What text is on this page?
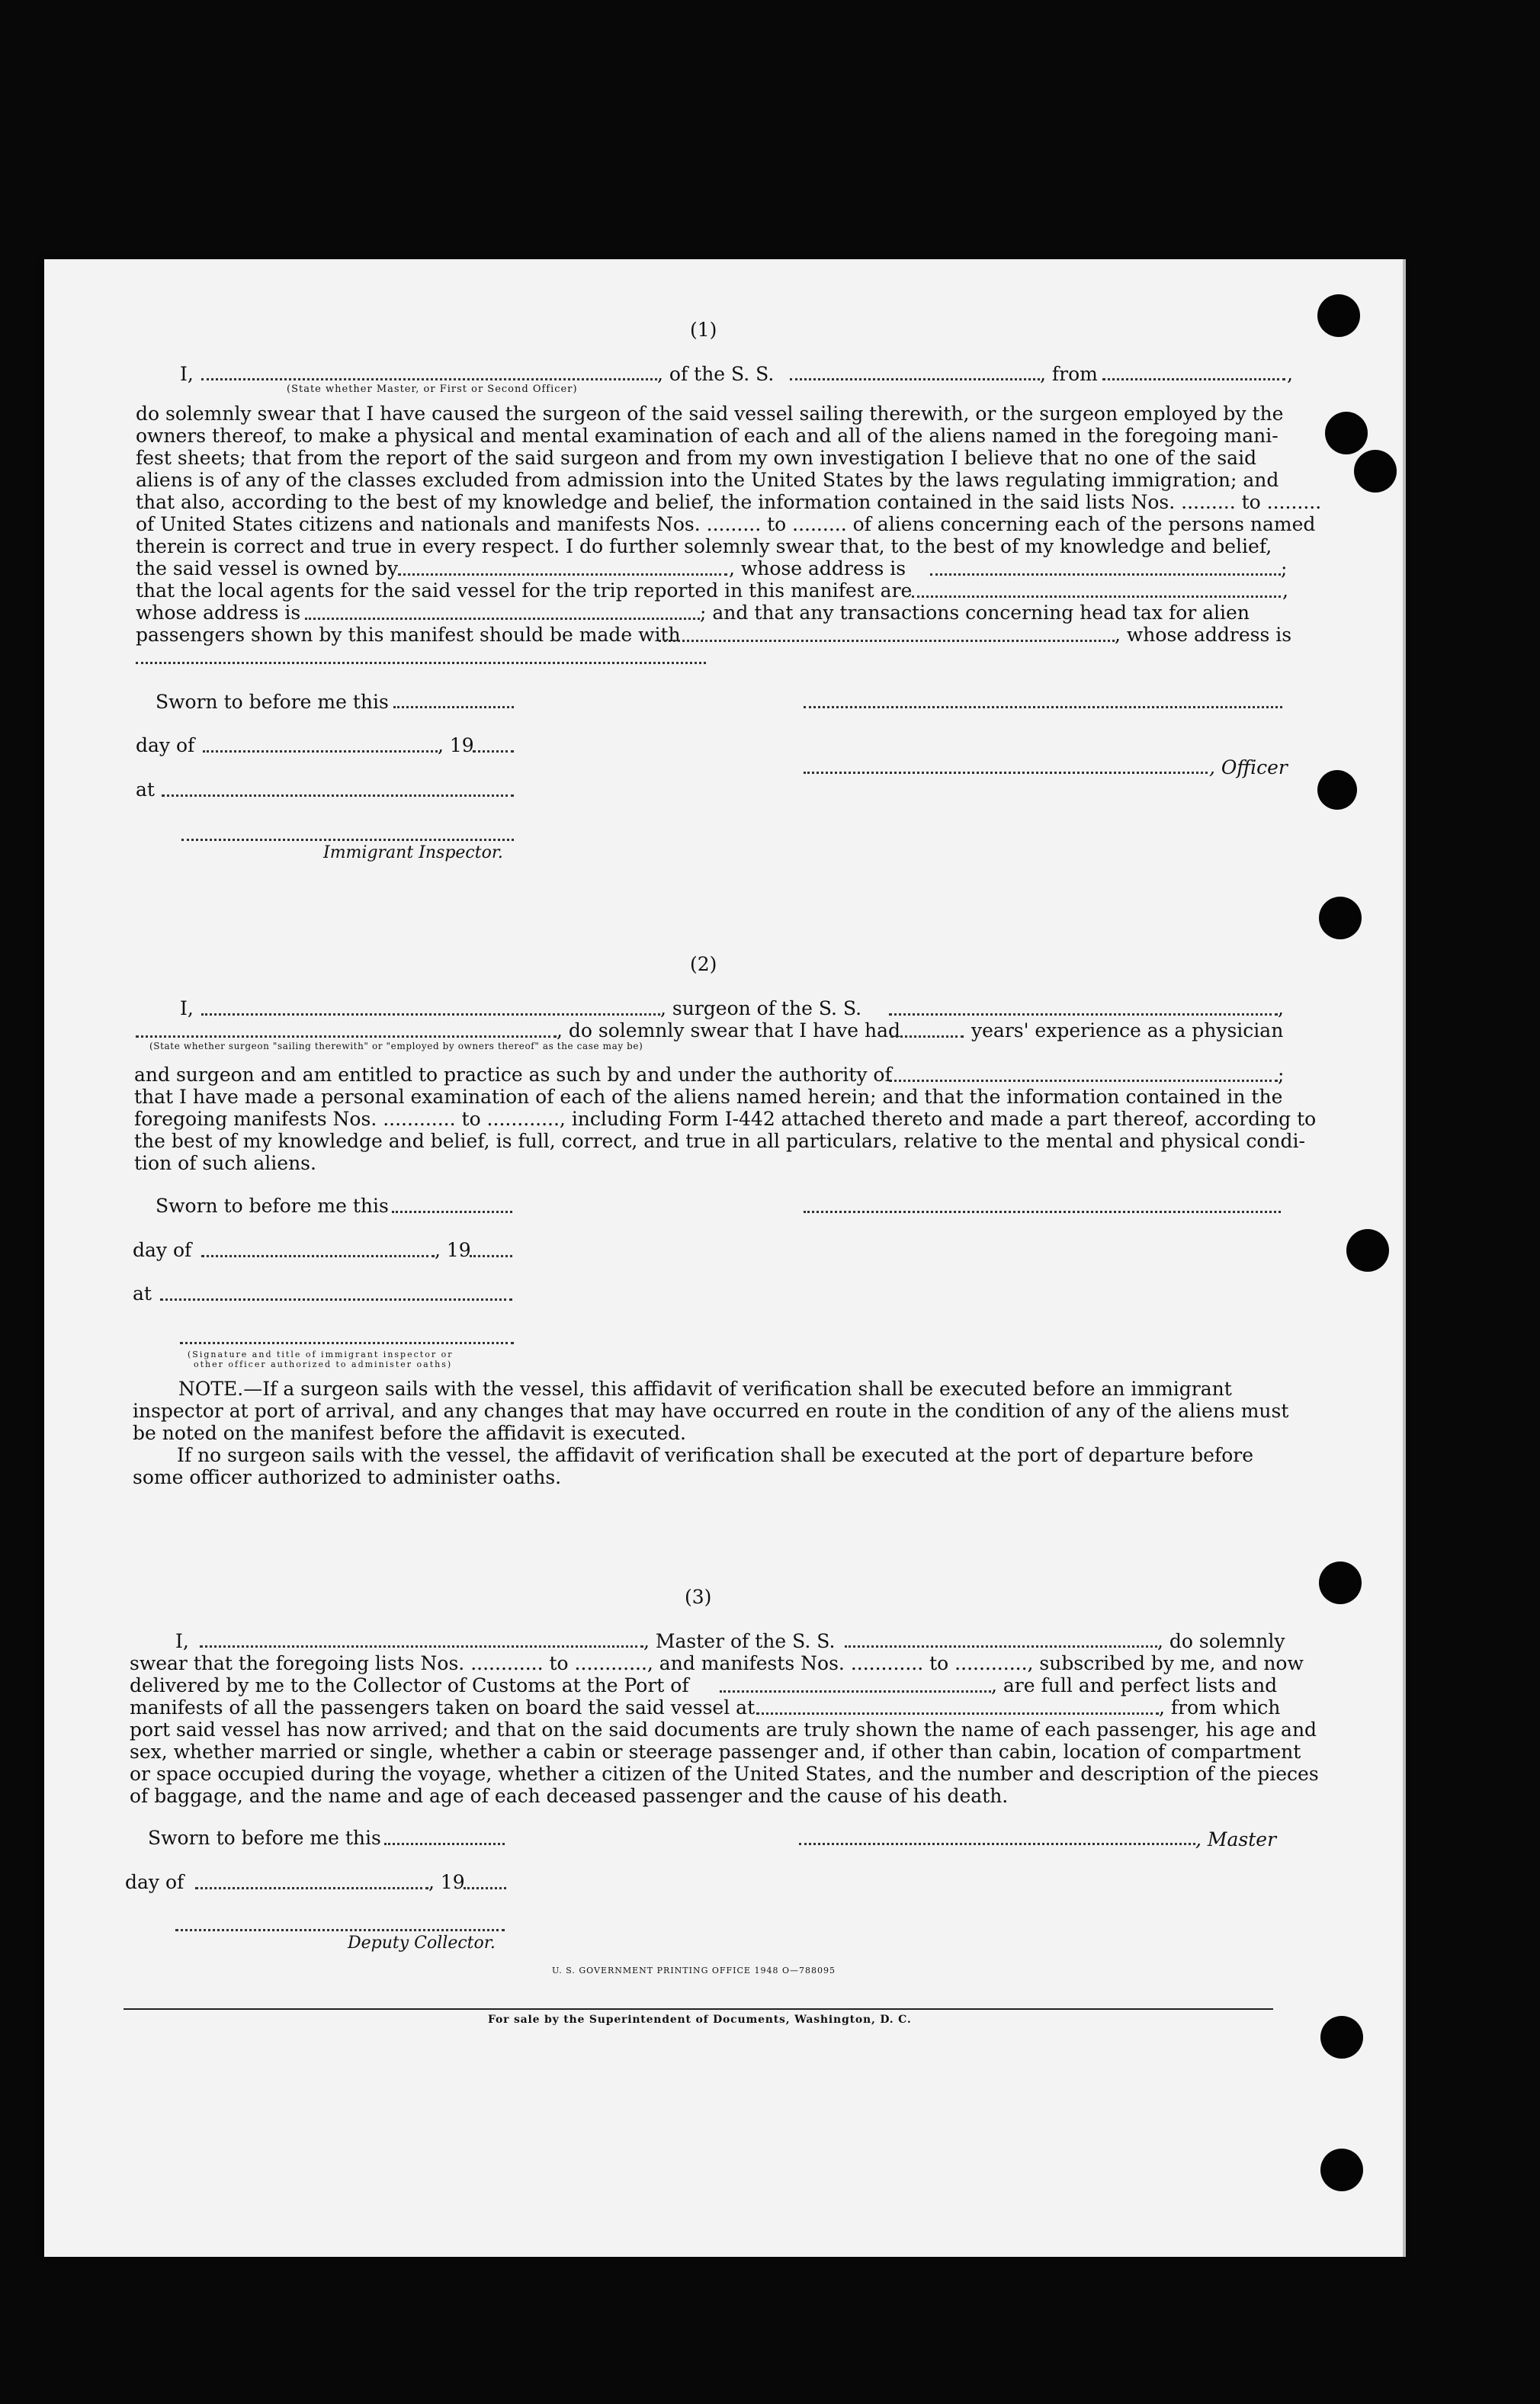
(1)
I,	, of the S. S.	, from	,
(State whether Master, or First or Second Officer)
do solemnly swear that I have caused the surgeon of the said vessel sailing therewith, or the surgeon employed by the
owners thereof, to make a physical and mental examination of each and all of the aliens named in the foregoing mani-
fest sheets; that from the report of the said surgeon and from my own investigation I believe that no one of the said
aliens is of any of the classes excluded from admission into the United States by the laws regulating immigration; and
that also, according to the best of my knowledge and belief, the information contained in the said lists Nos. ......... to .........
of United States citizens and nationals and manifests Nos. ......... to ......... of aliens concerning each of the persons named
therein is correct and true in every respect. I do further solemnly swear that, to the best of my knowledge and belief,
the said vessel is owned by	, whose address is	;
that the local agents for the said vessel for the trip reported in this manifest are	,
whose address is	; and that any transactions concerning head tax for alien
passengers shown by this manifest should be made with	, whose address is
Sworn to before me this
day of	, 19
, Officer
at
Immigrant Inspector.
(2)
I,	, surgeon of the S. S.	,
, do solemnly swear that I have had	years' experience as a physician
(State whether surgeon "sailing therewith" or "employed by owners thereof" as the case may be)
and surgeon and am entitled to practice as such by and under the authority of	;
that I have made a personal examination of each of the aliens named herein; and that the information contained in the
foregoing manifests Nos. ............ to ............, including Form I-442 attached thereto and made a part thereof, according to
the best of my knowledge and belief, is full, correct, and true in all particulars, relative to the mental and physical condi-
tion of such aliens.
Sworn to before me this
day of	, 19
at
(Signature and title of immigrant inspector or
other officer authorized to administer oaths)
NOTE.—If a surgeon sails with the vessel, this affidavit of verification shall be executed before an immigrant
inspector at port of arrival, and any changes that may have occurred en route in the condition of any of the aliens must
be noted on the manifest before the affidavit is executed.
If no surgeon sails with the vessel, the affidavit of verification shall be executed at the port of departure before
some officer authorized to administer oaths.
(3)
I,	, Master of the S. S.	, do solemnly
swear that the foregoing lists Nos. ............ to ............, and manifests Nos. ............ to ............, subscribed by me, and now
delivered by me to the Collector of Customs at the Port of	, are full and perfect lists and
manifests of all the passengers taken on board the said vessel at	, from which
port said vessel has now arrived; and that on the said documents are truly shown the name of each passenger, his age and
sex, whether married or single, whether a cabin or steerage passenger and, if other than cabin, location of compartment
or space occupied during the voyage, whether a citizen of the United States, and the number and description of the pieces
of baggage, and the name and age of each deceased passenger and the cause of his death.
Sworn to before me this	, Master
day of	, 19
Deputy Collector.
U. S. GOVERNMENT PRINTING OFFICE 1948 O—788095
For sale by the Superintendent of Documents, Washington, D. C.
